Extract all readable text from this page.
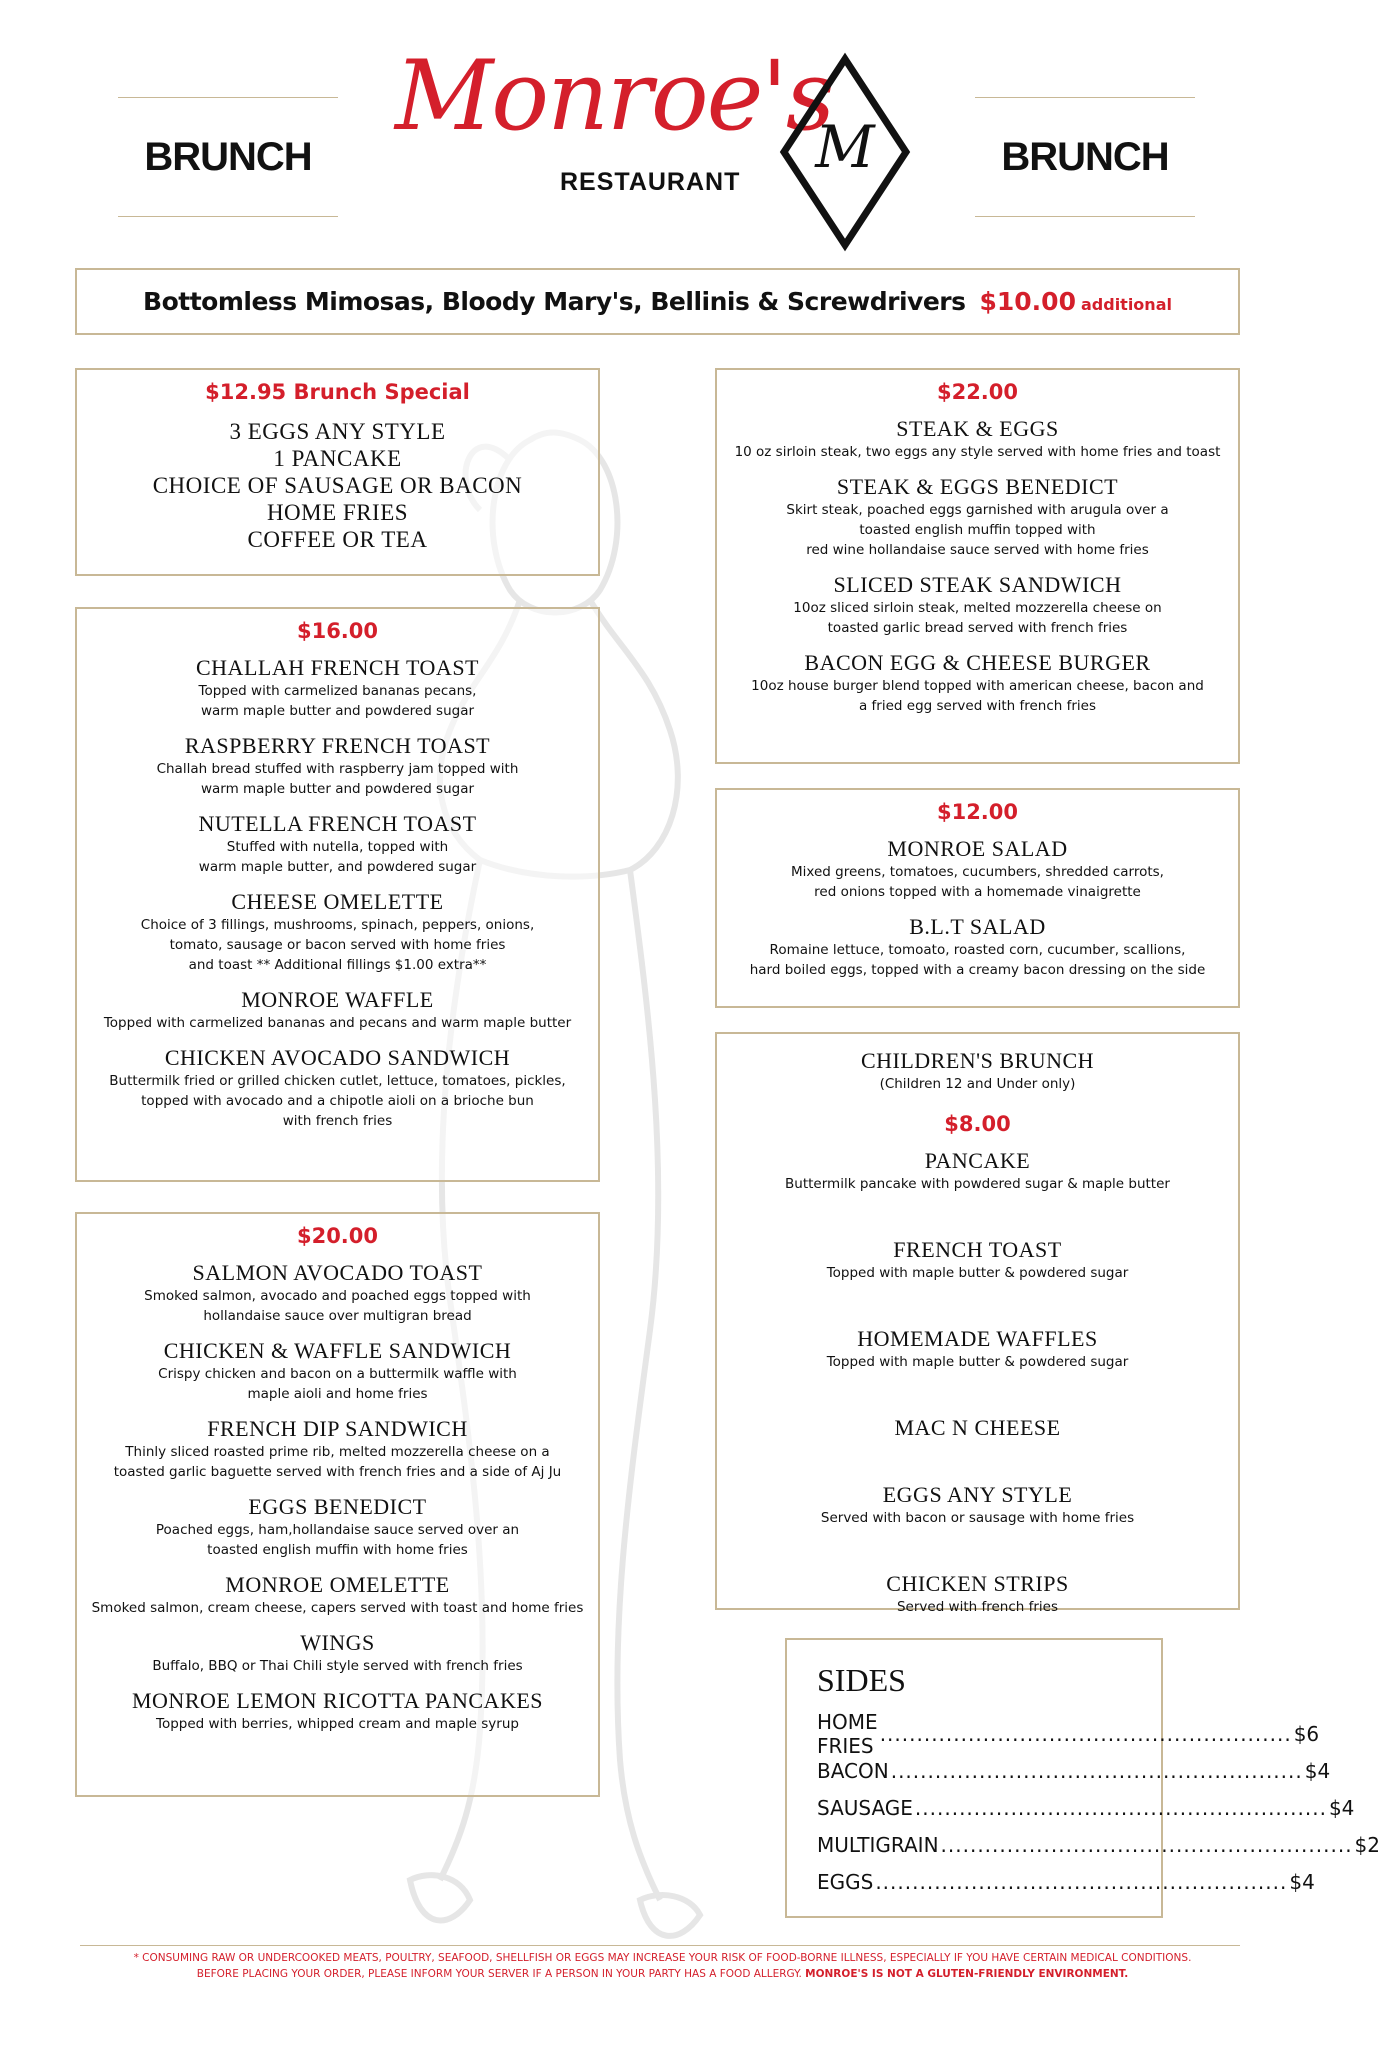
BRUNCH	BRUNCH
Monroe's
RESTAURANT
M
Bottomless Mimosas, Bloody Mary's, Bellinis & Screwdrivers $10.00 additional
$12.95 Brunch Special
3 EGGS ANY STYLE
1 PANCAKE
CHOICE OF SAUSAGE OR BACON
HOME FRIES
COFFEE OR TEA
$16.00
CHALLAH FRENCH TOAST
Topped with carmelized bananas pecans,
warm maple butter and powdered sugar
RASPBERRY FRENCH TOAST
Challah bread stuffed with raspberry jam topped with
warm maple butter and powdered sugar
NUTELLA FRENCH TOAST
Stuffed with nutella, topped with
warm maple butter, and powdered sugar
CHEESE OMELETTE
Choice of 3 fillings, mushrooms, spinach, peppers, onions,
tomato, sausage or bacon served with home fries
and toast ** Additional fillings $1.00 extra**
MONROE WAFFLE
Topped with carmelized bananas and pecans and warm maple butter
CHICKEN AVOCADO SANDWICH
Buttermilk fried or grilled chicken cutlet, lettuce, tomatoes, pickles,
topped with avocado and a chipotle aioli on a brioche bun
with french fries
$20.00
SALMON AVOCADO TOAST
Smoked salmon, avocado and poached eggs topped with
hollandaise sauce over multigran bread
CHICKEN & WAFFLE SANDWICH
Crispy chicken and bacon on a buttermilk waffle with
maple aioli and home fries
FRENCH DIP SANDWICH
Thinly sliced roasted prime rib, melted mozzerella cheese on a
toasted garlic baguette served with french fries and a side of Aj Ju
EGGS BENEDICT
Poached eggs, ham,hollandaise sauce served over an
toasted english muffin with home fries
MONROE OMELETTE
Smoked salmon, cream cheese, capers served with toast and home fries
WINGS
Buffalo, BBQ or Thai Chili style served with french fries
MONROE LEMON RICOTTA PANCAKES
Topped with berries, whipped cream and maple syrup
$22.00
STEAK & EGGS
10 oz sirloin steak, two eggs any style served with home fries and toast
STEAK & EGGS BENEDICT
Skirt steak, poached eggs garnished with arugula over a
toasted english muffin topped with
red wine hollandaise sauce served with home fries
SLICED STEAK SANDWICH
10oz sliced sirloin steak, melted mozzerella cheese on
toasted garlic bread served with french fries
BACON EGG & CHEESE BURGER
10oz house burger blend topped with american cheese, bacon and
a fried egg served with french fries
$12.00
MONROE SALAD
Mixed greens, tomatoes, cucumbers, shredded carrots,
red onions topped with a homemade vinaigrette
B.L.T SALAD
Romaine lettuce, tomoato, roasted corn, cucumber, scallions,
hard boiled eggs, topped with a creamy bacon dressing on the side
CHILDREN'S BRUNCH
(Children 12 and Under only)
$8.00
PANCAKE
Buttermilk pancake with powdered sugar & maple butter
FRENCH TOAST
Topped with maple butter & powdered sugar
HOMEMADE WAFFLES
Topped with maple butter & powdered sugar
MAC N CHEESE
EGGS ANY STYLE
Served with bacon or sausage with home fries
CHICKEN STRIPS
Served with french fries
SIDES
HOME FRIES ........................................................ $6
BACON ........................................................ $4
SAUSAGE ........................................................ $4
MULTIGRAIN ........................................................ $2
EGGS ........................................................ $4
* CONSUMING RAW OR UNDERCOOKED MEATS, POULTRY, SEAFOOD, SHELLFISH OR EGGS MAY INCREASE YOUR RISK OF FOOD-BORNE ILLNESS, ESPECIALLY IF YOU HAVE CERTAIN MEDICAL CONDITIONS.
BEFORE PLACING YOUR ORDER, PLEASE INFORM YOUR SERVER IF A PERSON IN YOUR PARTY HAS A FOOD ALLERGY. MONROE'S IS NOT A GLUTEN-FRIENDLY ENVIRONMENT.
